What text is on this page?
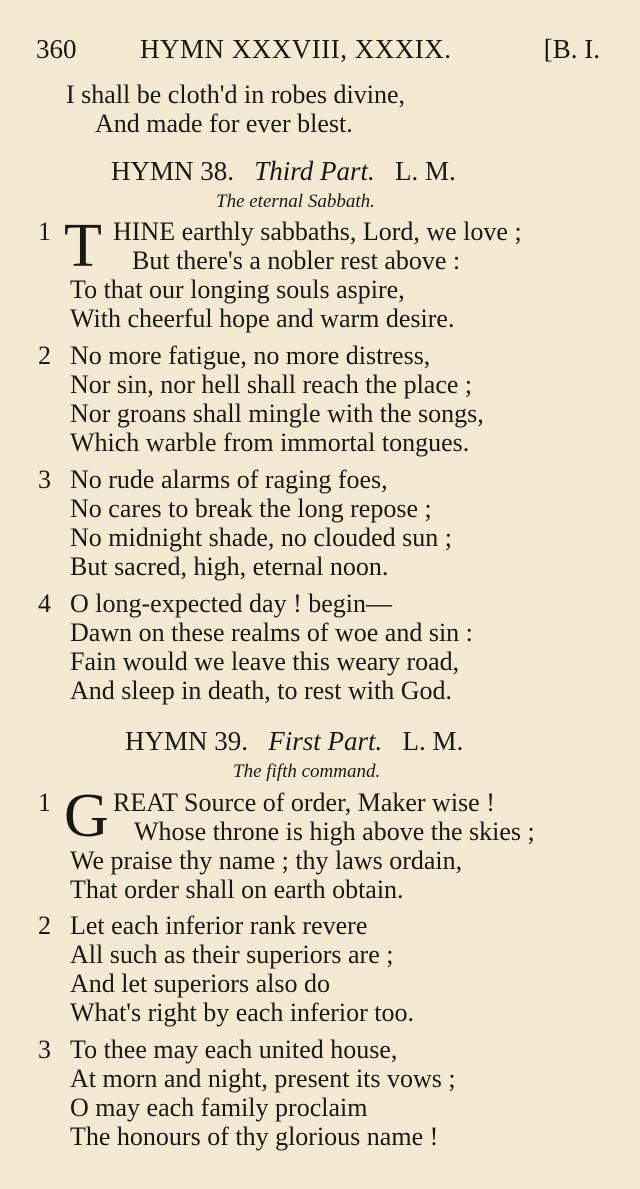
360 HYMN XXXVIII, XXXIX.	[B. I.
I shall be cloth'd in robes divine,
And made for ever blest.
HYMN 38. Third Part. L. M.
The eternal Sabbath.
1 T HINE earthly sabbaths, Lord, we love ;
But there's a nobler rest above :
To that our longing souls aspire,
With cheerful hope and warm desire.
2 No more fatigue, no more distress,
Nor sin, nor hell shall reach the place ;
Nor groans shall mingle with the songs,
Which warble from immortal tongues.
3 No rude alarms of raging foes,
No cares to break the long repose ;
No midnight shade, no clouded sun ;
But sacred, high, eternal noon.
4 O long-expected day ! begin—
Dawn on these realms of woe and sin :
Fain would we leave this weary road,
And sleep in death, to rest with God.
HYMN 39. First Part. L. M.
The fifth command.
1 G REAT Source of order, Maker wise !
Whose throne is high above the skies ;
We praise thy name ; thy laws ordain,
That order shall on earth obtain.
2 Let each inferior rank revere
All such as their superiors are ;
And let superiors also do
What's right by each inferior too.
3 To thee may each united house,
At morn and night, present its vows ;
O may each family proclaim
The honours of thy glorious name !
